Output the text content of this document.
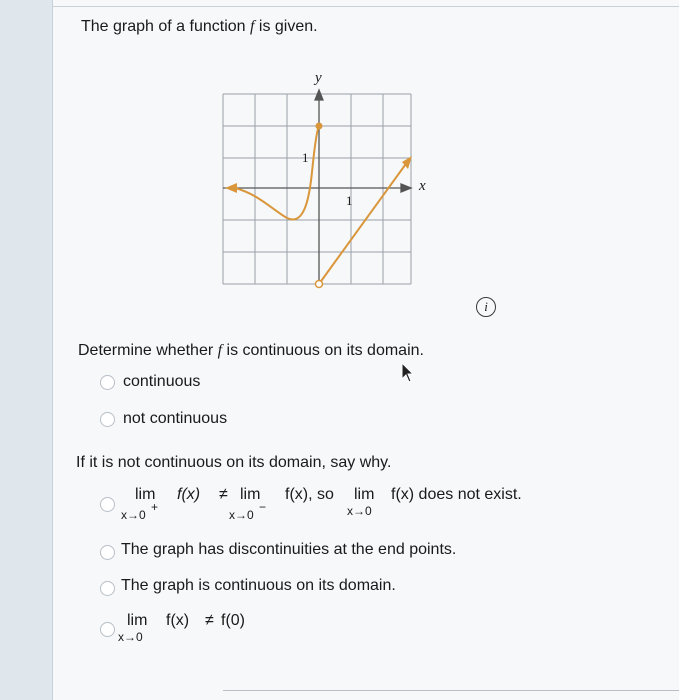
The graph of a function f is given.
y
x
1
1
i
Determine whether f is continuous on its domain.
continuous
not continuous
If it is not continuous on its domain, say why.
lim f(x) ≠ lim f(x), so lim f(x) does not exist.
x→0
+
x→0
−	x→0
The graph has discontinuities at the end points.
The graph is continuous on its domain.
lim f(x) ≠ f(0)
x→0
